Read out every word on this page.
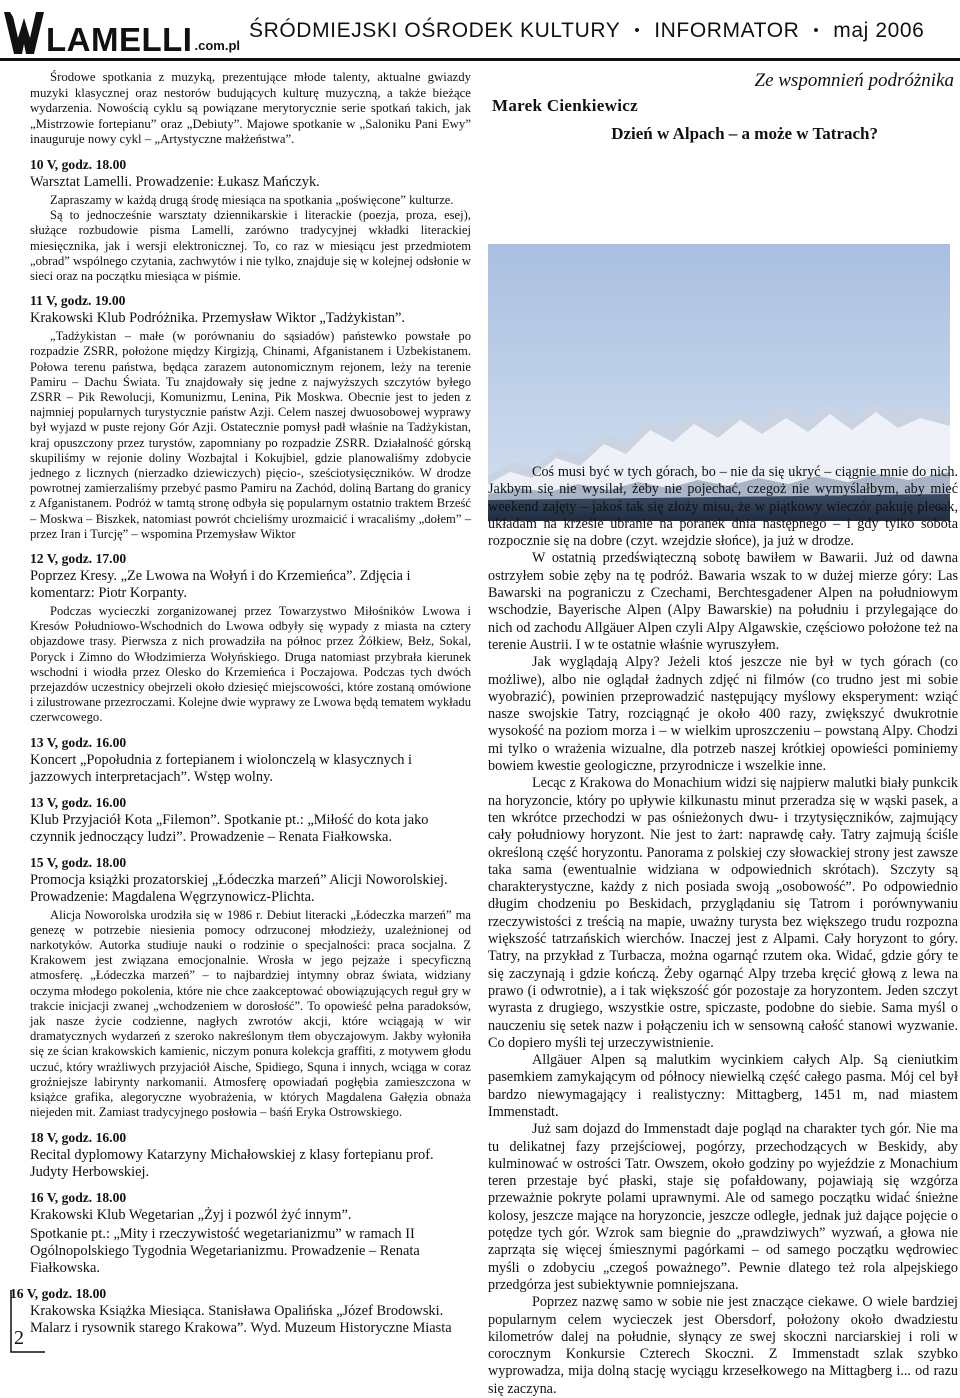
LAMELLI .com.pl
ŚRÓDMIEJSKI OŚRODEK KULTURY • INFORMATOR • maj 2006

Środowe spotkania z muzyką, prezentujące młode talenty, aktualne gwiazdy muzyki klasycznej oraz nestorów budujących kulturę muzyczną, a także bieżące wydarzenia. Nowością cyklu są powiązane merytorycznie serie spotkań takich, jak „Mistrzowie fortepianu” oraz „Debiuty”. Majowe spotkanie w „Saloniku Pani Ewy” inauguruje nowy cykl – „Artystyczne małżeństwa”.

10 V, godz. 18.00
Warsztat Lamelli. Prowadzenie: Łukasz Mańczyk.

Zapraszamy w każdą drugą środę miesiąca na spotkania „poświęcone” kulturze.

Są to jednocześnie warsztaty dziennikarskie i literackie (poezja, proza, esej), służące rozbudowie pisma Lamelli, zarówno tradycyjnej wkładki literackiej miesięcznika, jak i wersji elektronicznej. To, co raz w miesiącu jest przedmiotem „obrad” wspólnego czytania, zachwytów i nie tylko, znajduje się w kolejnej odsłonie w sieci oraz na początku miesiąca w piśmie.

11 V, godz. 19.00
Krakowski Klub Podróżnika. Przemysław Wiktor „Tadżykistan”.

„Tadżykistan – małe (w porównaniu do sąsiadów) państewko powstałe po rozpadzie ZSRR, położone między Kirgizją, Chinami, Afganistanem i Uzbekistanem. Połowa terenu państwa, będąca zarazem autonomicznym rejonem, leży na terenie Pamiru – Dachu Świata. Tu znajdowały się jedne z najwyższych szczytów byłego ZSRR – Pik Rewolucji, Komunizmu, Lenina, Pik Moskwa. Obecnie jest to jeden z najmniej popularnych turystycznie państw Azji. Celem naszej dwuosobowej wyprawy był wyjazd w puste rejony Gór Azji. Ostatecznie pomysł padł właśnie na Tadżykistan, kraj opuszczony przez turystów, zapomniany po rozpadzie ZSRR. Działalność górską skupiliśmy w rejonie doliny Wozbajtal i Kokujbiel, gdzie planowaliśmy zdobycie jednego z licznych (nierzadko dziewiczych) pięcio-, sześciotysięczników. W drodze powrotnej zamierzaliśmy przebyć pasmo Pamiru na Zachód, doliną Bartang do granicy z Afganistanem. Podróż w tamtą stronę odbyła się popularnym ostatnio traktem Brześć – Moskwa – Biszkek, natomiast powrót chcieliśmy urozmaicić i wracaliśmy „dołem” – przez Iran i Turcję” – wspomina Przemysław Wiktor

12 V, godz. 17.00
Poprzez Kresy. „Ze Lwowa na Wołyń i do Krzemieńca”. Zdjęcia i komentarz: Piotr Korpanty.

Podczas wycieczki zorganizowanej przez Towarzystwo Miłośników Lwowa i Kresów Południowo-Wschodnich do Lwowa odbyły się wypady z miasta na cztery objazdowe trasy. Pierwsza z nich prowadziła na północ przez Żółkiew, Bełz, Sokal, Poryck i Zimno do Włodzimierza Wołyńskiego. Druga natomiast przybrała kierunek wschodni i wiodła przez Olesko do Krzemieńca i Poczajowa. Podczas tych dwóch przejazdów uczestnicy obejrzeli około dziesięć miejscowości, które zostaną omówione i zilustrowane przezroczami. Kolejne dwie wyprawy ze Lwowa będą tematem wykładu czerwcowego.

13 V, godz. 16.00
Koncert „Popołudnia z fortepianem i wiolonczelą w klasycznych i jazzowych interpretacjach”. Wstęp wolny.
13 V, godz. 16.00
Klub Przyjaciół Kota „Filemon”. Spotkanie pt.: „Miłość do kota jako czynnik jednoczący ludzi”. Prowadzenie – Renata Fiałkowska.
15 V, godz. 18.00
Promocja książki prozatorskiej „Łódeczka marzeń” Alicji Noworolskiej. Prowadzenie: Magdalena Węgrzynowicz-Plichta.

Alicja Noworolska urodziła się w 1986 r. Debiut literacki „Łódeczka marzeń” ma genezę w potrzebie niesienia pomocy odrzuconej młodzieży, uzależnionej od narkotyków. Autorka studiuje nauki o rodzinie o specjalności: praca socjalna. Z Krakowem jest związana emocjonalnie. Wrosła w jego pejzaże i specyficzną atmosferę. „Łódeczka marzeń” – to najbardziej intymny obraz świata, widziany oczyma młodego pokolenia, które nie chce zaakceptować obowiązujących reguł gry w trakcie inicjacji zwanej „wchodzeniem w dorosłość”. To opowieść pełna paradoksów, jak nasze życie codzienne, nagłych zwrotów akcji, które wciągają w wir dramatycznych wydarzeń z szeroko nakreślonym tłem obyczajowym. Jakby wyłoniła się ze ścian krakowskich kamienic, niczym ponura kolekcja graffiti, z motywem głodu uczuć, który wrażliwych przyjaciół Aische, Spidiego, Squna i innych, wciąga w coraz groźniejsze labirynty narkomanii. Atmosferę opowiadań pogłębia zamieszczona w książce grafika, alegoryczne wyobrażenia, w których Magdalena Gałęzia obnaża niejeden mit. Zamiast tradycyjnego posłowia – baśń Eryka Ostrowskiego.

18 V, godz. 16.00
Recital dyplomowy Katarzyny Michałowskiej z klasy fortepianu prof. Judyty Herbowskiej.
16 V, godz. 18.00
Krakowski Klub Wegetarian „Żyj i pozwól żyć innym”.
Spotkanie pt.: „Mity i rzeczywistość wegetarianizmu” w ramach II Ogólnopolskiego Tygodnia Wegetarianizmu. Prowadzenie – Renata Fiałkowska.
16 V, godz. 18.00
Krakowska Książka Miesiąca. Stanisława Opalińska „Józef Brodowski. Malarz i rysownik starego Krakowa”. Wyd. Muzeum Historyczne Miasta
2
Ze wspomnień podróżnika
Marek Cienkiewicz
Dzień w Alpach – a może w Tatrach?

Coś musi być w tych górach, bo – nie da się ukryć – ciągnie mnie do nich. Jakbym się nie wysilał, żeby nie pojechać, czegoż nie wymyślałbym, aby mieć weekend zajęty – jakoś tak się złoży misu, że w piątkowy wieczór pakuję plecak, układam na krześle ubranie na poranek dnia następnego – i gdy tylko sobota rozpocznie się na dobre (czyt. wzejdzie słońce), ja już w drodze.

W ostatnią przedświąteczną sobotę bawiłem w Bawarii. Już od dawna ostrzyłem sobie zęby na tę podróż. Bawaria wszak to w dużej mierze góry: Las Bawarski na pograniczu z Czechami, Berchtesgadener Alpen na południowym wschodzie, Bayerische Alpen (Alpy Bawarskie) na południu i przylegające do nich od zachodu Allgäuer Alpen czyli Alpy Algawskie, częściowo położone też na terenie Austrii. I w te ostatnie właśnie wyruszyłem.

Jak wyglądają Alpy? Jeżeli ktoś jeszcze nie był w tych górach (co możliwe), albo nie oglądał żadnych zdjęć ni filmów (co trudno jest mi sobie wyobrazić), powinien przeprowadzić następujący myślowy eksperyment: wziąć nasze swojskie Tatry, rozciągnąć je około 400 razy, zwiększyć dwukrotnie wysokość na poziom morza i – w wielkim uproszczeniu – powstaną Alpy. Chodzi mi tylko o wrażenia wizualne, dla potrzeb naszej krótkiej opowieści pominiemy bowiem kwestie geologiczne, przyrodnicze i wszelkie inne.

Lecąc z Krakowa do Monachium widzi się najpierw malutki biały punkcik na horyzoncie, który po upływie kilkunastu minut przeradza się w wąski pasek, a ten wkrótce przechodzi w pas ośnieżonych dwu- i trzytysięczników, zajmujący cały południowy horyzont. Nie jest to żart: naprawdę cały. Tatry zajmują ściśle określoną część horyzontu. Panorama z polskiej czy słowackiej strony jest zawsze taka sama (ewentualnie widziana w odpowiednich skrótach). Szczyty są charakterystyczne, każdy z nich posiada swoją „osobowość”. Po odpowiednio długim chodzeniu po Beskidach, przyglądaniu się Tatrom i porównywaniu rzeczywistości z treścią na mapie, uważny turysta bez większego trudu rozpozna większość tatrzańskich wierchów. Inaczej jest z Alpami. Cały horyzont to góry. Tatry, na przykład z Turbacza, można ogarnąć rzutem oka. Widać, gdzie góry te się zaczynają i gdzie kończą. Żeby ogarnąć Alpy trzeba kręcić głową z lewa na prawo (i odwrotnie), a i tak większość gór pozostaje za horyzontem. Jeden szczyt wyrasta z drugiego, wszystkie ostre, spiczaste, podobne do siebie. Sama myśl o nauczeniu się setek nazw i połączeniu ich w sensowną całość stanowi wyzwanie. Co dopiero myśli tej urzeczywistnienie.

Allgäuer Alpen są malutkim wycinkiem całych Alp. Są cieniutkim pasemkiem zamykającym od północy niewielką część całego pasma. Mój cel był bardzo niewymagający i realistyczny: Mittagberg, 1451 m, nad miastem Immenstadt.

Już sam dojazd do Immenstadt daje pogląd na charakter tych gór. Nie ma tu delikatnej fazy przejściowej, pogórzy, przechodzących w Beskidy, aby kulminować w ostrości Tatr. Owszem, około godziny po wyjeździe z Monachium teren przestaje być płaski, staje się pofałdowany, pojawiają się wzgórza przeważnie pokryte polami uprawnymi. Ale od samego początku widać śnieżne kolosy, jeszcze mające na horyzoncie, jeszcze odległe, jednak już dające pojęcie o potędze tych gór. Wzrok sam biegnie do „prawdziwych” wyzwań, a głowa nie zaprząta się więcej śmiesznymi pagórkami – od samego początku wędrowiec myśli o zdobyciu „czegoś poważnego”. Pewnie dlatego też rola alpejskiego przedgórza jest subiektywnie pomniejszana.

Poprzez nazwę samo w sobie nie jest znaczące ciekawe. O wiele bardziej popularnym celem wycieczek jest Obersdorf, położony około dwadziestu kilometrów dalej na południe, słynący ze swej skoczni narciarskiej i roli w corocznym Konkursie Czterech Skoczni. Z Immenstadt szlak szybko wyprowadza, mija dolną stację wyciągu krzesełkowego na Mittagberg i... od razu się zaczyna.
